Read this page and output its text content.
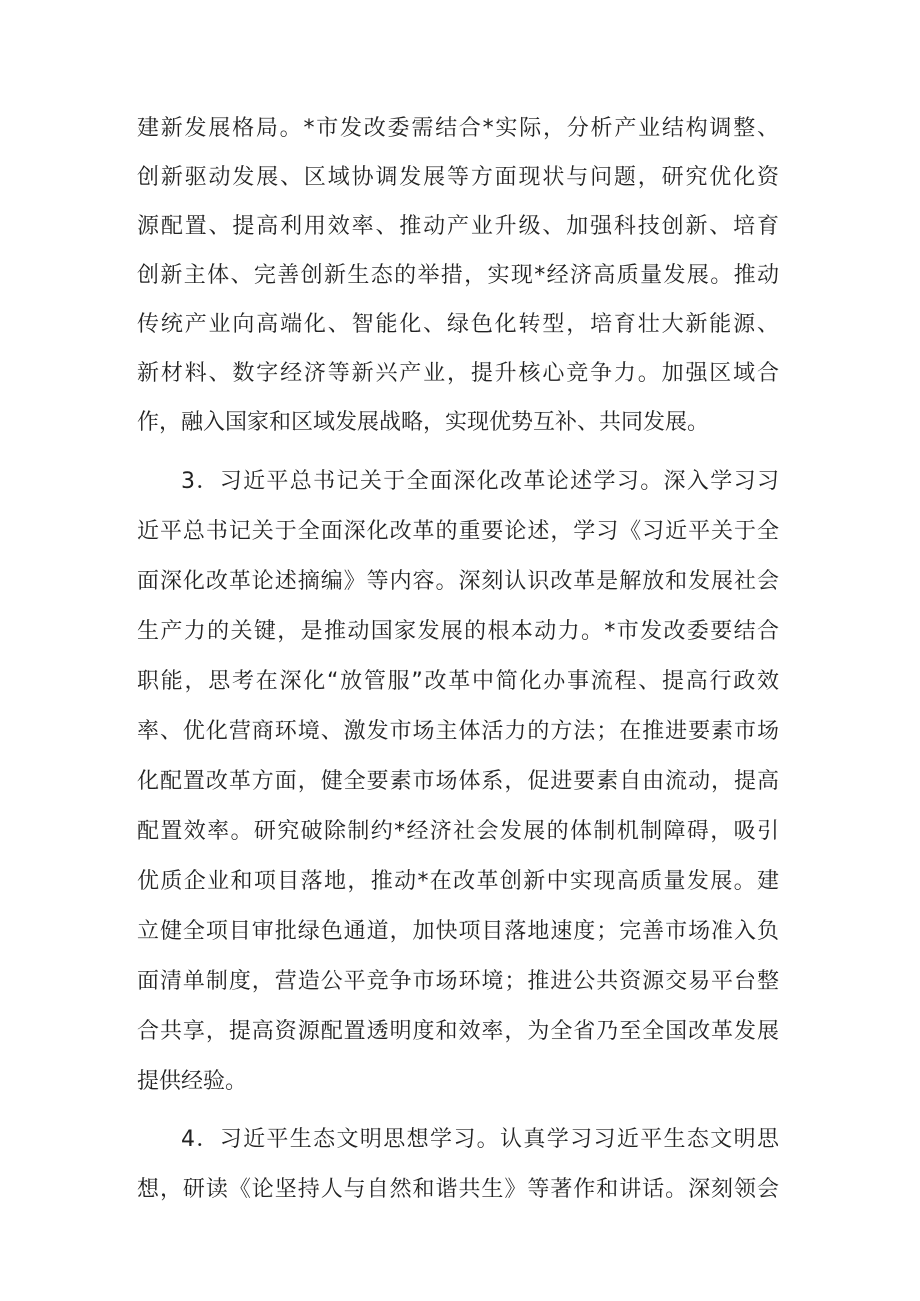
建新发展格局。*市发改委需结合*实际，分析产业结构调整、
创新驱动发展、区域协调发展等方面现状与问题，研究优化资
源配置、提高利用效率、推动产业升级、加强科技创新、培育
创新主体、完善创新生态的举措，实现*经济高质量发展。推动
传统产业向高端化、智能化、绿色化转型，培育壮大新能源、
新材料、数字经济等新兴产业，提升核心竞争力。加强区域合
作，融入国家和区域发展战略，实现优势互补、共同发展。
3．习近平总书记关于全面深化改革论述学习。深入学习习
近平总书记关于全面深化改革的重要论述，学习《习近平关于全
面深化改革论述摘编》等内容。深刻认识改革是解放和发展社会
生产力的关键，是推动国家发展的根本动力。*市发改委要结合
职能，思考在深化“放管服”改革中简化办事流程、提高行政效
率、优化营商环境、激发市场主体活力的方法；在推进要素市场
化配置改革方面，健全要素市场体系，促进要素自由流动，提高
配置效率。研究破除制约*经济社会发展的体制机制障碍，吸引
优质企业和项目落地，推动*在改革创新中实现高质量发展。建
立健全项目审批绿色通道，加快项目落地速度；完善市场准入负
面清单制度，营造公平竞争市场环境；推进公共资源交易平台整
合共享，提高资源配置透明度和效率，为全省乃至全国改革发展
提供经验。
4．习近平生态文明思想学习。认真学习习近平生态文明思
想，研读《论坚持人与自然和谐共生》等著作和讲话。深刻领会
